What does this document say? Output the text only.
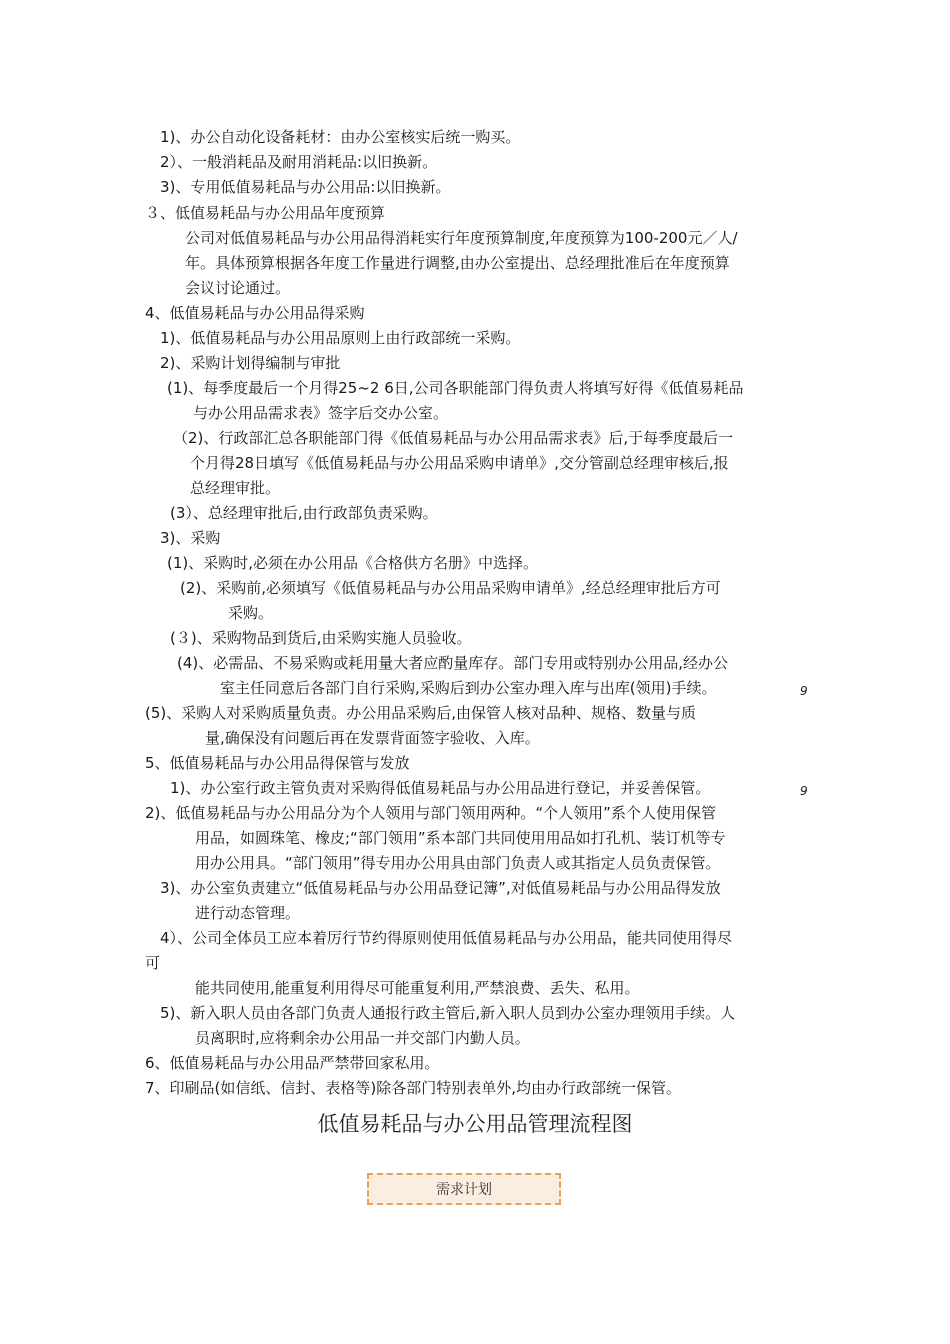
1)、办公自动化设备耗材：由办公室核实后统一购买。
2）、一般消耗品及耐用消耗品:以旧换新。
3)、专用低值易耗品与办公用品:以旧换新。
３、低值易耗品与办公用品年度预算
公司对低值易耗品与办公用品得消耗实行年度预算制度,年度预算为100-200元／人/
年。具体预算根据各年度工作量进行调整,由办公室提出、总经理批准后在年度预算
会议讨论通过。
4、低值易耗品与办公用品得采购
1)、低值易耗品与办公用品原则上由行政部统一采购。
2)、采购计划得编制与审批
(1)、每季度最后一个月得25~2 6日,公司各职能部门得负责人将填写好得《低值易耗品
与办公用品需求表》签字后交办公室。
（2)、行政部汇总各职能部门得《低值易耗品与办公用品需求表》后,于每季度最后一
个月得28日填写《低值易耗品与办公用品采购申请单》,交分管副总经理审核后,报
总经理审批。
(3）、总经理审批后,由行政部负责采购。
3)、采购
(1)、采购时,必须在办公用品《合格供方名册》中选择。
(2)、采购前,必须填写《低值易耗品与办公用品采购申请单》,经总经理审批后方可
采购。
(３)、采购物品到货后,由采购实施人员验收。
(4)、必需品、不易采购或耗用量大者应酌量库存。部门专用或特别办公用品,经办公
室主任同意后各部门自行采购,采购后到办公室办理入库与出库(领用)手续。
(5)、采购人对采购质量负责。办公用品采购后,由保管人核对品种、规格、数量与质
量,确保没有问题后再在发票背面签字验收、入库。
5、低值易耗品与办公用品得保管与发放
1)、办公室行政主管负责对采购得低值易耗品与办公用品进行登记，并妥善保管。
2)、低值易耗品与办公用品分为个人领用与部门领用两种。“个人领用”系个人使用保管
用品，如圆珠笔、橡皮;“部门领用”系本部门共同使用用品如打孔机、装订机等专
用办公用具。“部门领用”得专用办公用具由部门负责人或其指定人员负责保管。
3)、办公室负责建立“低值易耗品与办公用品登记簿”,对低值易耗品与办公用品得发放
进行动态管理。
4）、公司全体员工应本着厉行节约得原则使用低值易耗品与办公用品，能共同使用得尽
可
能共同使用,能重复利用得尽可能重复利用,严禁浪费、丢失、私用。
5)、新入职人员由各部门负责人通报行政主管后,新入职人员到办公室办理领用手续。人
员离职时,应将剩余办公用品一并交部门内勤人员。
6、低值易耗品与办公用品严禁带回家私用。
7、印刷品(如信纸、信封、表格等)除各部门特别表单外,均由办行政部统一保管。
9
9
低值易耗品与办公用品管理流程图
需求计划
